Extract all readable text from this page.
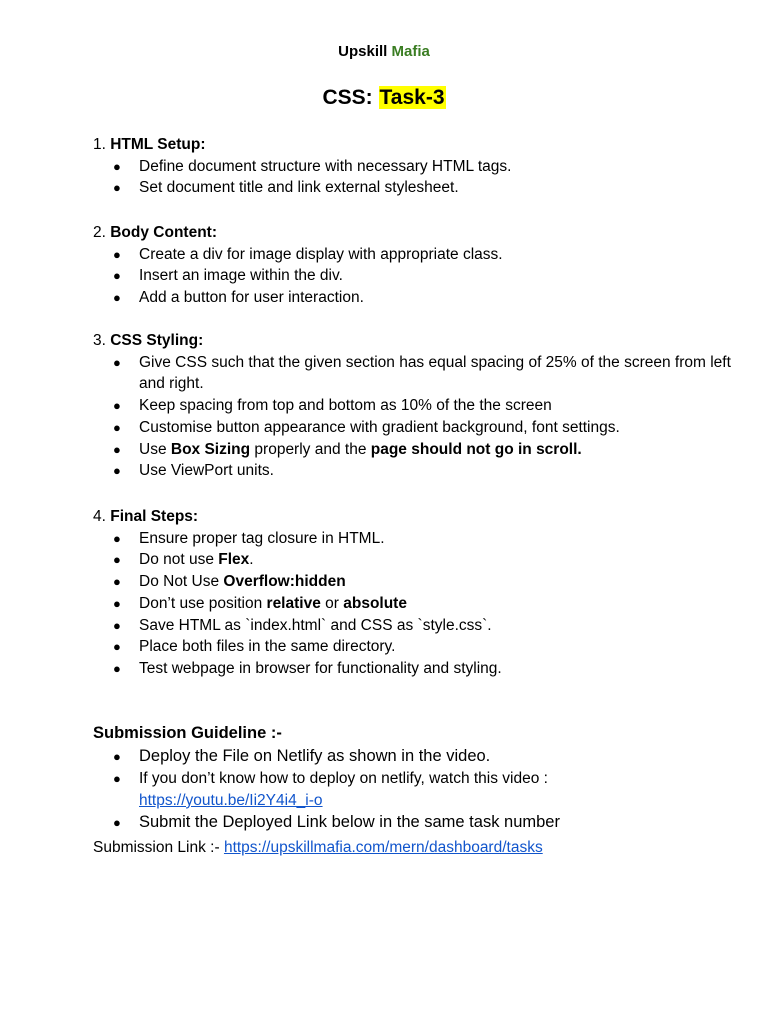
Upskill Mafia
CSS: Task-3

1. HTML Setup:

● Define document structure with necessary HTML tags.
● Set document title and link external stylesheet.

2. Body Content:

● Create a div for image display with appropriate class.
● Insert an image within the div.
● Add a button for user interaction.

3. CSS Styling:

● Give CSS such that the given section has equal spacing of 25% of the screen from left and right.
● Keep spacing from top and bottom as 10% of the the screen
● Customise button appearance with gradient background, font settings.
● Use Box Sizing properly and the page should not go in scroll.
● Use ViewPort units.

4. Final Steps:

● Ensure proper tag closure in HTML.
● Do not use Flex.
● Do Not Use Overflow:hidden
● Don’t use position relative or absolute
● Save HTML as `index.html` and CSS as `style.css`.
● Place both files in the same directory.
● Test webpage in browser for functionality and styling.
Submission Guideline :-
● Deploy the File on Netlify as shown in the video.
● If you don’t know how to deploy on netlify, watch this video :
https://youtu.be/Ii2Y4i4_i-o
● Submit the Deployed Link below in the same task number
Submission Link :- https://upskillmafia.com/mern/dashboard/tasks
